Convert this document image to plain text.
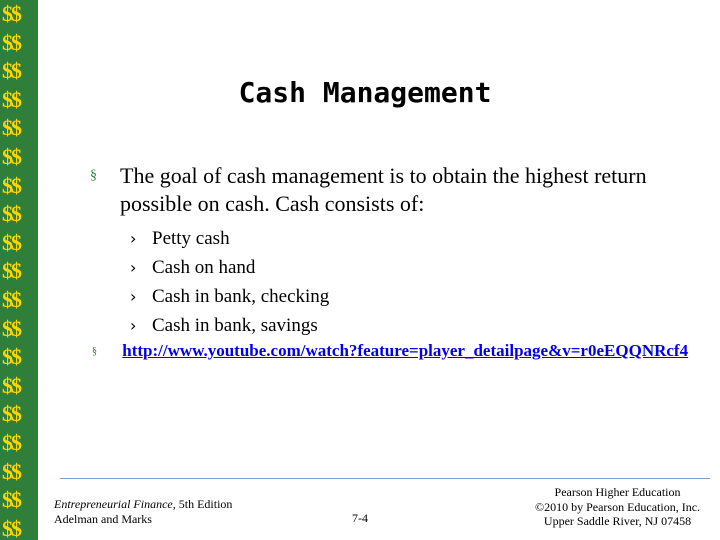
$$
$$
$$
$$
$$
$$
$$
$$
$$
$$
$$
$$
$$
$$
$$
$$
$$
$$
$$
Cash Management
§ The goal of cash management is to obtain the highest return possible on cash. Cash consists of:
› Petty cash
› Cash on hand
› Cash in bank, checking
› Cash in bank, savings
§ http://www.youtube.com/watch?feature=player_detailpage&v=r0eEQQNRcf4
Entrepreneurial Finance, 5th Edition
Adelman and Marks	7-4
Pearson Higher Education
©2010 by Pearson Education, Inc.
Upper Saddle River, NJ 07458
